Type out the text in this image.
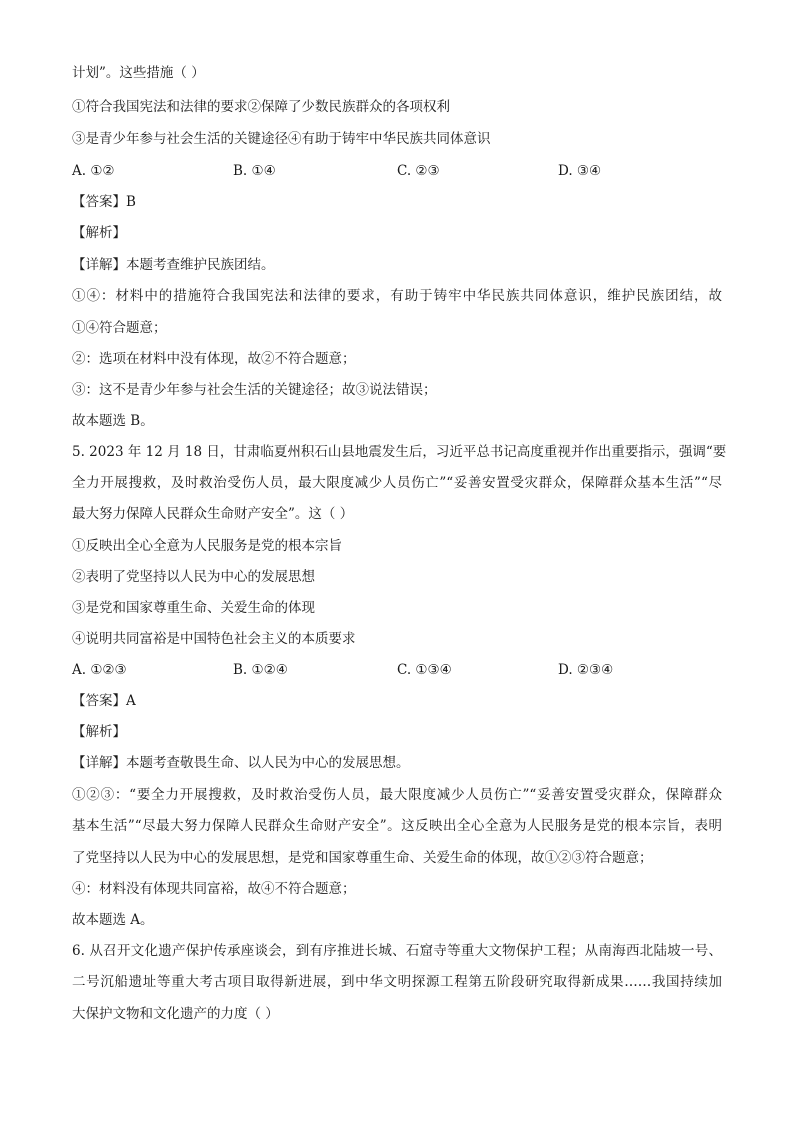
计划”。这些措施（ ）
①符合我国宪法和法律的要求②保障了少数民族群众的各项权利
③是青少年参与社会生活的关键途径④有助于铸牢中华民族共同体意识
A. ①②	B. ①④	C. ②③	D. ③④
【答案】B
【解析】
【详解】本题考查维护民族团结。
①④：材料中的措施符合我国宪法和法律的要求，有助于铸牢中华民族共同体意识，维护民族团结，故
①④符合题意；
②：选项在材料中没有体现，故②不符合题意；
③：这不是青少年参与社会生活的关键途径；故③说法错误；
故本题选 B。
5. 2023 年 12 月 18 日，甘肃临夏州积石山县地震发生后，习近平总书记高度重视并作出重要指示，强调“要
全力开展搜救，及时救治受伤人员，最大限度减少人员伤亡”“妥善安置受灾群众，保障群众基本生活”“尽
最大努力保障人民群众生命财产安全”。这（ ）
①反映出全心全意为人民服务是党的根本宗旨
②表明了党坚持以人民为中心的发展思想
③是党和国家尊重生命、关爱生命的体现
④说明共同富裕是中国特色社会主义的本质要求
A. ①②③	B. ①②④	C. ①③④	D. ②③④
【答案】A
【解析】
【详解】本题考查敬畏生命、以人民为中心的发展思想。
①②③：“要全力开展搜救，及时救治受伤人员，最大限度减少人员伤亡”“妥善安置受灾群众，保障群众
基本生活”“尽最大努力保障人民群众生命财产安全”。这反映出全心全意为人民服务是党的根本宗旨，表明
了党坚持以人民为中心的发展思想，是党和国家尊重生命、关爱生命的体现，故①②③符合题意；
④：材料没有体现共同富裕，故④不符合题意；
故本题选 A。
6. 从召开文化遗产保护传承座谈会，到有序推进长城、石窟寺等重大文物保护工程；从南海西北陆坡一号、
二号沉船遗址等重大考古项目取得新进展，到中华文明探源工程第五阶段研究取得新成果……我国持续加
大保护文物和文化遗产的力度（ ）
